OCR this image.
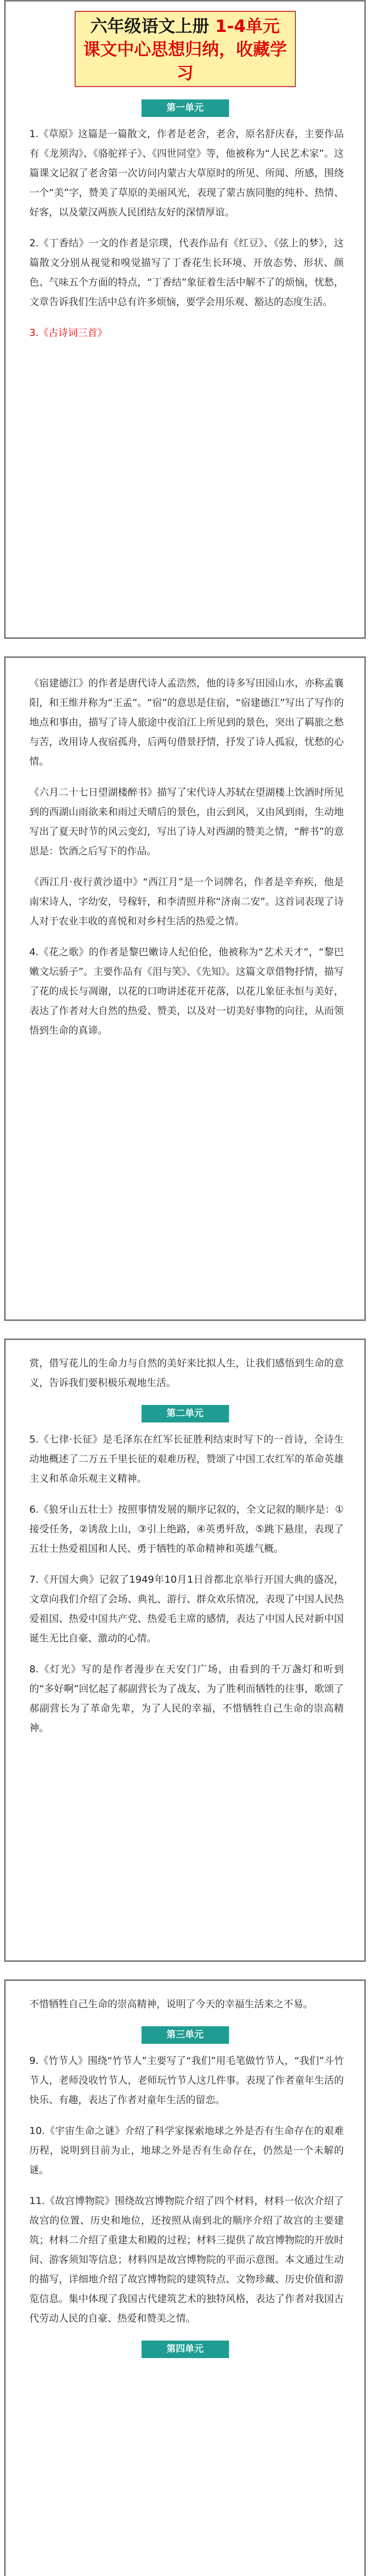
六年级语文上册 1-4单元
课文中心思想归纳，收藏学习
第一单元

1.《草原》这篇是一篇散文，作者是老舍，老舍，原名舒庆春，主要作品有《龙须沟》、《骆驼祥子》、《四世同堂》等，他被称为“人民艺术家”。这篇课文记叙了老舍第一次访问内蒙古大草原时的所见、所闻、所感，围绕一个“美”字，赞美了草原的美丽风光，表现了蒙古族同胞的纯朴、热情、好客，以及蒙汉两族人民团结友好的深情厚谊。

2.《丁香结》一文的作者是宗璞，代表作品有《红豆》、《弦上的梦》，这篇散文分别从视觉和嗅觉描写了丁香花生长环境、开放态势、形状、颜色、气味五个方面的特点，“丁香结”象征着生活中解不了的烦恼，忧愁，文章告诉我们生活中总有许多烦恼，要学会用乐观、豁达的态度生活。

3.《古诗词三首》

《宿建德江》的作者是唐代诗人孟浩然，他的诗多写田园山水，亦称孟襄阳，和王维并称为“王孟”。“宿”的意思是住宿，“宿建德江”写出了写作的地点和事由，描写了诗人旅途中夜泊江上所见到的景色，突出了羁旅之愁与苦，改用诗人夜宿孤舟，后两句借景抒情，抒发了诗人孤寂，忧愁的心情。

《六月二十七日望湖楼醉书》描写了宋代诗人苏轼在望湖楼上饮酒时所见到的西湖山雨欲来和雨过天晴后的景色，由云到风，又由风到雨，生动地写出了夏天时节的风云变幻，写出了诗人对西湖的赞美之情，“醉书”的意思是：饮酒之后写下的作品。

《西江月·夜行黄沙道中》“西江月”是一个词牌名，作者是辛弃疾，他是南宋诗人，字幼安，号稼轩，和李清照并称“济南二安”。这首词表现了诗人对于农业丰收的喜悦和对乡村生活的热爱之情。

4.《花之歌》的作者是黎巴嫩诗人纪伯伦，他被称为“艺术天才”，“黎巴嫩文坛骄子”。主要作品有《泪与笑》、《先知》。这篇文章借物抒情，描写了花的成长与凋谢，以花的口吻讲述花开花落，以花儿象征永恒与美好，表达了作者对大自然的热爱、赞美，以及对一切美好事物的向往，从而领悟到生命的真谛。

赏，借写花儿的生命力与自然的美好来比拟人生，让我们感悟到生命的意义，告诉我们要积极乐观地生活。

第二单元

5.《七律·长征》是毛泽东在红军长征胜利结束时写下的一首诗，全诗生动地概述了二万五千里长征的艰难历程，赞颂了中国工农红军的革命英雄主义和革命乐观主义精神。

6.《狼牙山五壮士》按照事情发展的顺序记叙的，全文记叙的顺序是：①接受任务，②诱敌上山，③引上绝路，④英勇歼敌，⑤跳下悬崖，表现了五壮士热爱祖国和人民、勇于牺牲的革命精神和英雄气概。

7.《开国大典》记叙了1949年10月1日首都北京举行开国大典的盛况，文章向我们介绍了会场、典礼、游行、群众欢乐情况，表现了中国人民热爱祖国、热爱中国共产党、热爱毛主席的感情，表达了中国人民对新中国诞生无比自豪、激动的心情。

8.《灯光》写的是作者漫步在天安门广场，由看到的千万盏灯和听到的“多好啊”回忆起了郝副营长为了战友、为了胜利而牺牲的往事，歌颂了郝副营长为了革命先辈，为了人民的幸福，不惜牺牲自己生命的崇高精神。

不惜牺牲自己生命的崇高精神，说明了今天的幸福生活来之不易。

第三单元

9.《竹节人》围绕“竹节人”主要写了“我们”用毛笔做竹节人，“我们”斗竹节人，老师没收竹节人，老师玩竹节人这几件事。表现了作者童年生活的快乐、有趣，表达了作者对童年生活的留恋。

10.《宇宙生命之谜》介绍了科学家探索地球之外是否有生命存在的艰难历程，说明到目前为止，地球之外是否有生命存在，仍然是一个未解的谜。

11.《故宫博物院》围绕故宫博物院介绍了四个材料，材料一依次介绍了故宫的位置、历史和地位，还按照从南到北的顺序介绍了故宫的主要建筑；材料二介绍了重建太和殿的过程；材料三提供了故宫博物院的开放时间、游客须知等信息；材料四是故宫博物院的平面示意图。本文通过生动的描写，详细地介绍了故宫博物院的建筑特点、文物珍藏、历史价值和游览信息。集中体现了我国古代建筑艺术的独特风格，表达了作者对我国古代劳动人民的自豪、热爱和赞美之情。

第四单元
